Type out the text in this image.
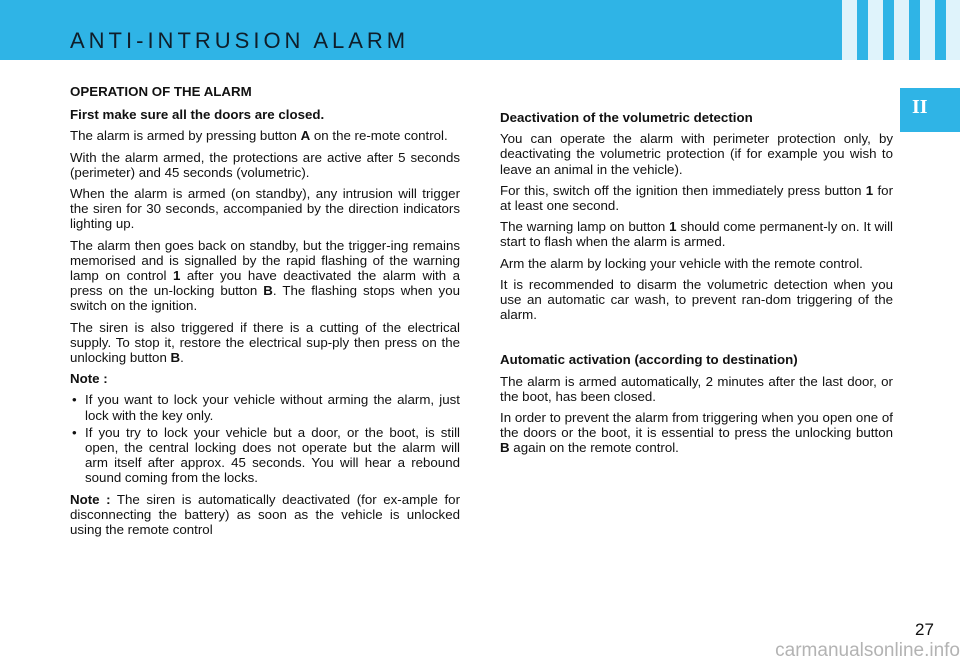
ANTI-INTRUSION ALARM
II
OPERATION OF THE ALARM
First make sure all the doors are closed.

The alarm is armed by pressing button A on the re-mote control.

With the alarm armed, the protections are active after 5 seconds (perimeter) and 45 seconds (volumetric).

When the alarm is armed (on standby), any intrusion will trigger the siren for 30 seconds, accompanied by the direction indicators lighting up.

The alarm then goes back on standby, but the trigger-ing remains memorised and is signalled by the rapid flashing of the warning lamp on control 1 after you have deactivated the alarm with a press on the un-locking button B. The flashing stops when you switch on the ignition.

The siren is also triggered if there is a cutting of the electrical supply. To stop it, restore the electrical sup-ply then press on the unlocking button B.

Note :

• If you want to lock your vehicle without arming the alarm, just lock with the key only.
• If you try to lock your vehicle but a door, or the boot, is still open, the central locking does not operate but the alarm will arm itself after approx. 45 seconds. You will hear a rebound sound coming from the locks.

Note : The siren is automatically deactivated (for ex-ample for disconnecting the battery) as soon as the vehicle is unlocked using the remote control

Deactivation of the volumetric detection

You can operate the alarm with perimeter protection only, by deactivating the volumetric protection (if for example you wish to leave an animal in the vehicle).

For this, switch off the ignition then immediately press button 1 for at least one second.

The warning lamp on button 1 should come permanent-ly on. It will start to flash when the alarm is armed.

Arm the alarm by locking your vehicle with the remote control.

It is recommended to disarm the volumetric detection when you use an automatic car wash, to prevent ran-dom triggering of the alarm.

Automatic activation (according to destination)

The alarm is armed automatically, 2 minutes after the last door, or the boot, has been closed.

In order to prevent the alarm from triggering when you open one of the doors or the boot, it is essential to press the unlocking button B again on the remote control.

27
carmanualsonline.info
